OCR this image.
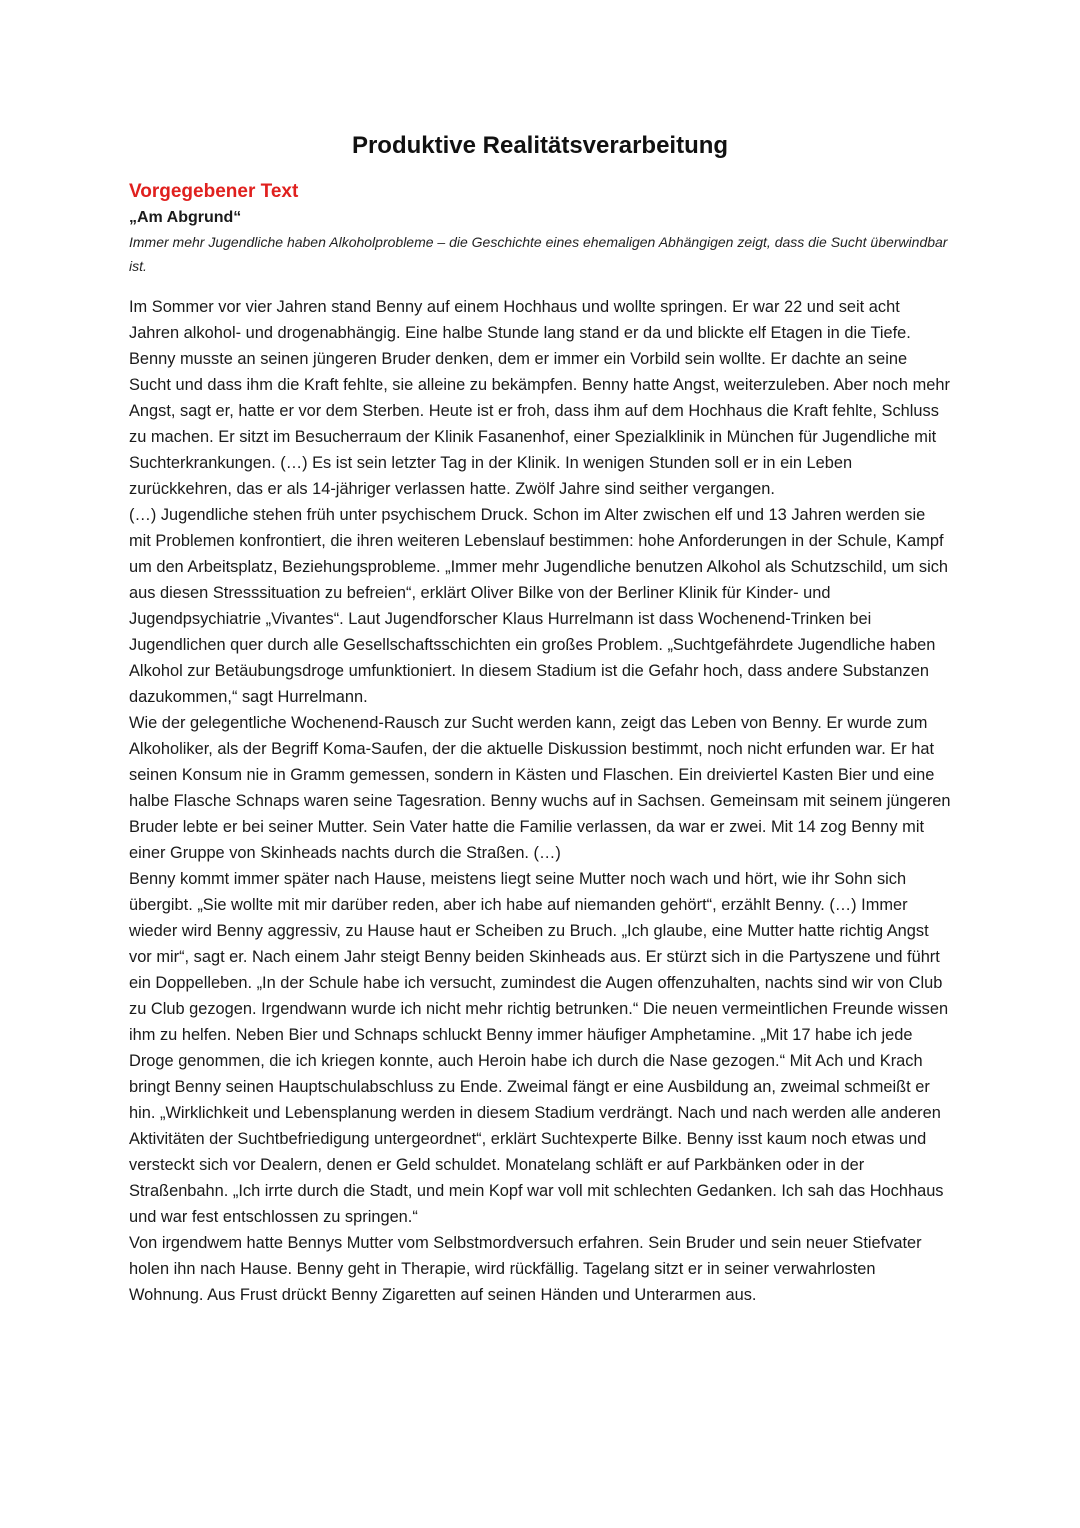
Produktive Realitätsverarbeitung
Vorgegebener Text
„Am Abgrund“

Immer mehr Jugendliche haben Alkoholprobleme – die Geschichte eines ehemaligen Abhängigen zeigt, dass die Sucht überwindbar ist.

Im Sommer vor vier Jahren stand Benny auf einem Hochhaus und wollte springen. Er war 22 und seit acht Jahren alkohol- und drogenabhängig. Eine halbe Stunde lang stand er da und blickte elf Etagen in die Tiefe. Benny musste an seinen jüngeren Bruder denken, dem er immer ein Vorbild sein wollte. Er dachte an seine Sucht und dass ihm die Kraft fehlte, sie alleine zu bekämpfen. Benny hatte Angst, weiterzuleben. Aber noch mehr Angst, sagt er, hatte er vor dem Sterben. Heute ist er froh, dass ihm auf dem Hochhaus die Kraft fehlte, Schluss zu machen. Er sitzt im Besucherraum der Klinik Fasanenhof, einer Spezialklinik in München für Jugendliche mit Suchterkrankungen. (…) Es ist sein letzter Tag in der Klinik. In wenigen Stunden soll er in ein Leben zurückkehren, das er als 14-jähriger verlassen hatte. Zwölf Jahre sind seither vergangen.

(…) Jugendliche stehen früh unter psychischem Druck. Schon im Alter zwischen elf und 13 Jahren werden sie mit Problemen konfrontiert, die ihren weiteren Lebenslauf bestimmen: hohe Anforderungen in der Schule, Kampf um den Arbeitsplatz, Beziehungsprobleme. „Immer mehr Jugendliche benutzen Alkohol als Schutzschild, um sich aus diesen Stresssituation zu befreien“, erklärt Oliver Bilke von der Berliner Klinik für Kinder- und Jugendpsychiatrie „Vivantes“. Laut Jugendforscher Klaus Hurrelmann ist dass Wochenend-Trinken bei Jugendlichen quer durch alle Gesellschaftsschichten ein großes Problem. „Suchtgefährdete Jugendliche haben Alkohol zur Betäubungsdroge umfunktioniert. In diesem Stadium ist die Gefahr hoch, dass andere Substanzen dazukommen,“ sagt Hurrelmann.

Wie der gelegentliche Wochenend-Rausch zur Sucht werden kann, zeigt das Leben von Benny. Er wurde zum Alkoholiker, als der Begriff Koma-Saufen, der die aktuelle Diskussion bestimmt, noch nicht erfunden war. Er hat seinen Konsum nie in Gramm gemessen, sondern in Kästen und Flaschen. Ein dreiviertel Kasten Bier und eine halbe Flasche Schnaps waren seine Tagesration. Benny wuchs auf in Sachsen. Gemeinsam mit seinem jüngeren Bruder lebte er bei seiner Mutter. Sein Vater hatte die Familie verlassen, da war er zwei. Mit 14 zog Benny mit einer Gruppe von Skinheads nachts durch die Straßen. (…)

Benny kommt immer später nach Hause, meistens liegt seine Mutter noch wach und hört, wie ihr Sohn sich übergibt. „Sie wollte mit mir darüber reden, aber ich habe auf niemanden gehört“, erzählt Benny. (…) Immer wieder wird Benny aggressiv, zu Hause haut er Scheiben zu Bruch. „Ich glaube, eine Mutter hatte richtig Angst vor mir“, sagt er. Nach einem Jahr steigt Benny beiden Skinheads aus. Er stürzt sich in die Partyszene und führt ein Doppelleben. „In der Schule habe ich versucht, zumindest die Augen offenzuhalten, nachts sind wir von Club zu Club gezogen. Irgendwann wurde ich nicht mehr richtig betrunken.“ Die neuen vermeintlichen Freunde wissen ihm zu helfen. Neben Bier und Schnaps schluckt Benny immer häufiger Amphetamine. „Mit 17 habe ich jede Droge genommen, die ich kriegen konnte, auch Heroin habe ich durch die Nase gezogen.“ Mit Ach und Krach bringt Benny seinen Hauptschulabschluss zu Ende. Zweimal fängt er eine Ausbildung an, zweimal schmeißt er hin. „Wirklichkeit und Lebensplanung werden in diesem Stadium verdrängt. Nach und nach werden alle anderen Aktivitäten der Suchtbefriedigung untergeordnet“, erklärt Suchtexperte Bilke. Benny isst kaum noch etwas und versteckt sich vor Dealern, denen er Geld schuldet. Monatelang schläft er auf Parkbänken oder in der Straßenbahn. „Ich irrte durch die Stadt, und mein Kopf war voll mit schlechten Gedanken. Ich sah das Hochhaus und war fest entschlossen zu springen.“

Von irgendwem hatte Bennys Mutter vom Selbstmordversuch erfahren. Sein Bruder und sein neuer Stiefvater holen ihn nach Hause. Benny geht in Therapie, wird rückfällig. Tagelang sitzt er in seiner verwahrlosten Wohnung. Aus Frust drückt Benny Zigaretten auf seinen Händen und Unterarmen aus.
